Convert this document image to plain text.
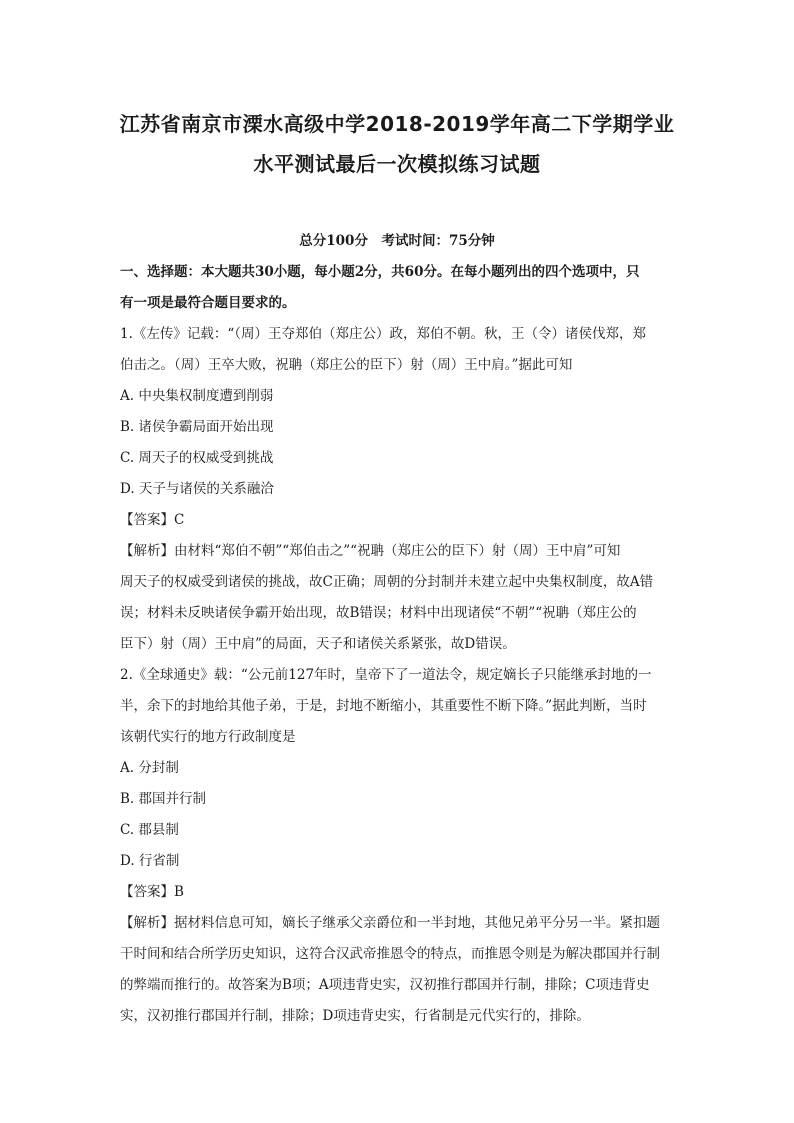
江苏省南京市溧水高级中学2018-2019学年高二下学期学业
水平测试最后一次模拟练习试题
总分100分　考试时间：75分钟
一、选择题：本大题共30小题，每小题2分，共60分。在每小题列出的四个选项中，只
有一项是最符合题目要求的。
1.《左传》记载：“（周）王夺郑伯（郑庄公）政，郑伯不朝。秋，王（令）诸侯伐郑，郑
伯击之。（周）王卒大败，祝聃（郑庄公的臣下）射（周）王中肩。”据此可知
A. 中央集权制度遭到削弱
B. 诸侯争霸局面开始出现
C. 周天子的权威受到挑战
D. 天子与诸侯的关系融洽
【答案】C
【解析】由材料“郑伯不朝”“郑伯击之”“祝聃（郑庄公的臣下）射（周）王中肩”可知
周天子的权威受到诸侯的挑战，故C正确；周朝的分封制并未建立起中央集权制度，故A错
误；材料未反映诸侯争霸开始出现，故B错误；材料中出现诸侯“不朝”“祝聃（郑庄公的
臣下）射（周）王中肩”的局面，天子和诸侯关系紧张，故D错误。
2.《全球通史》载：“公元前127年时，皇帝下了一道法令，规定嫡长子只能继承封地的一
半，余下的封地给其他子弟，于是，封地不断缩小，其重要性不断下降。”据此判断，当时
该朝代实行的地方行政制度是
A. 分封制
B. 郡国并行制
C. 郡县制
D. 行省制
【答案】B
【解析】据材料信息可知，嫡长子继承父亲爵位和一半封地，其他兄弟平分另一半。紧扣题
干时间和结合所学历史知识，这符合汉武帝推恩令的特点，而推恩令则是为解决郡国并行制
的弊端而推行的。故答案为B项；A项违背史实，汉初推行郡国并行制，排除；C项违背史
实，汉初推行郡国并行制，排除；D项违背史实，行省制是元代实行的，排除。
